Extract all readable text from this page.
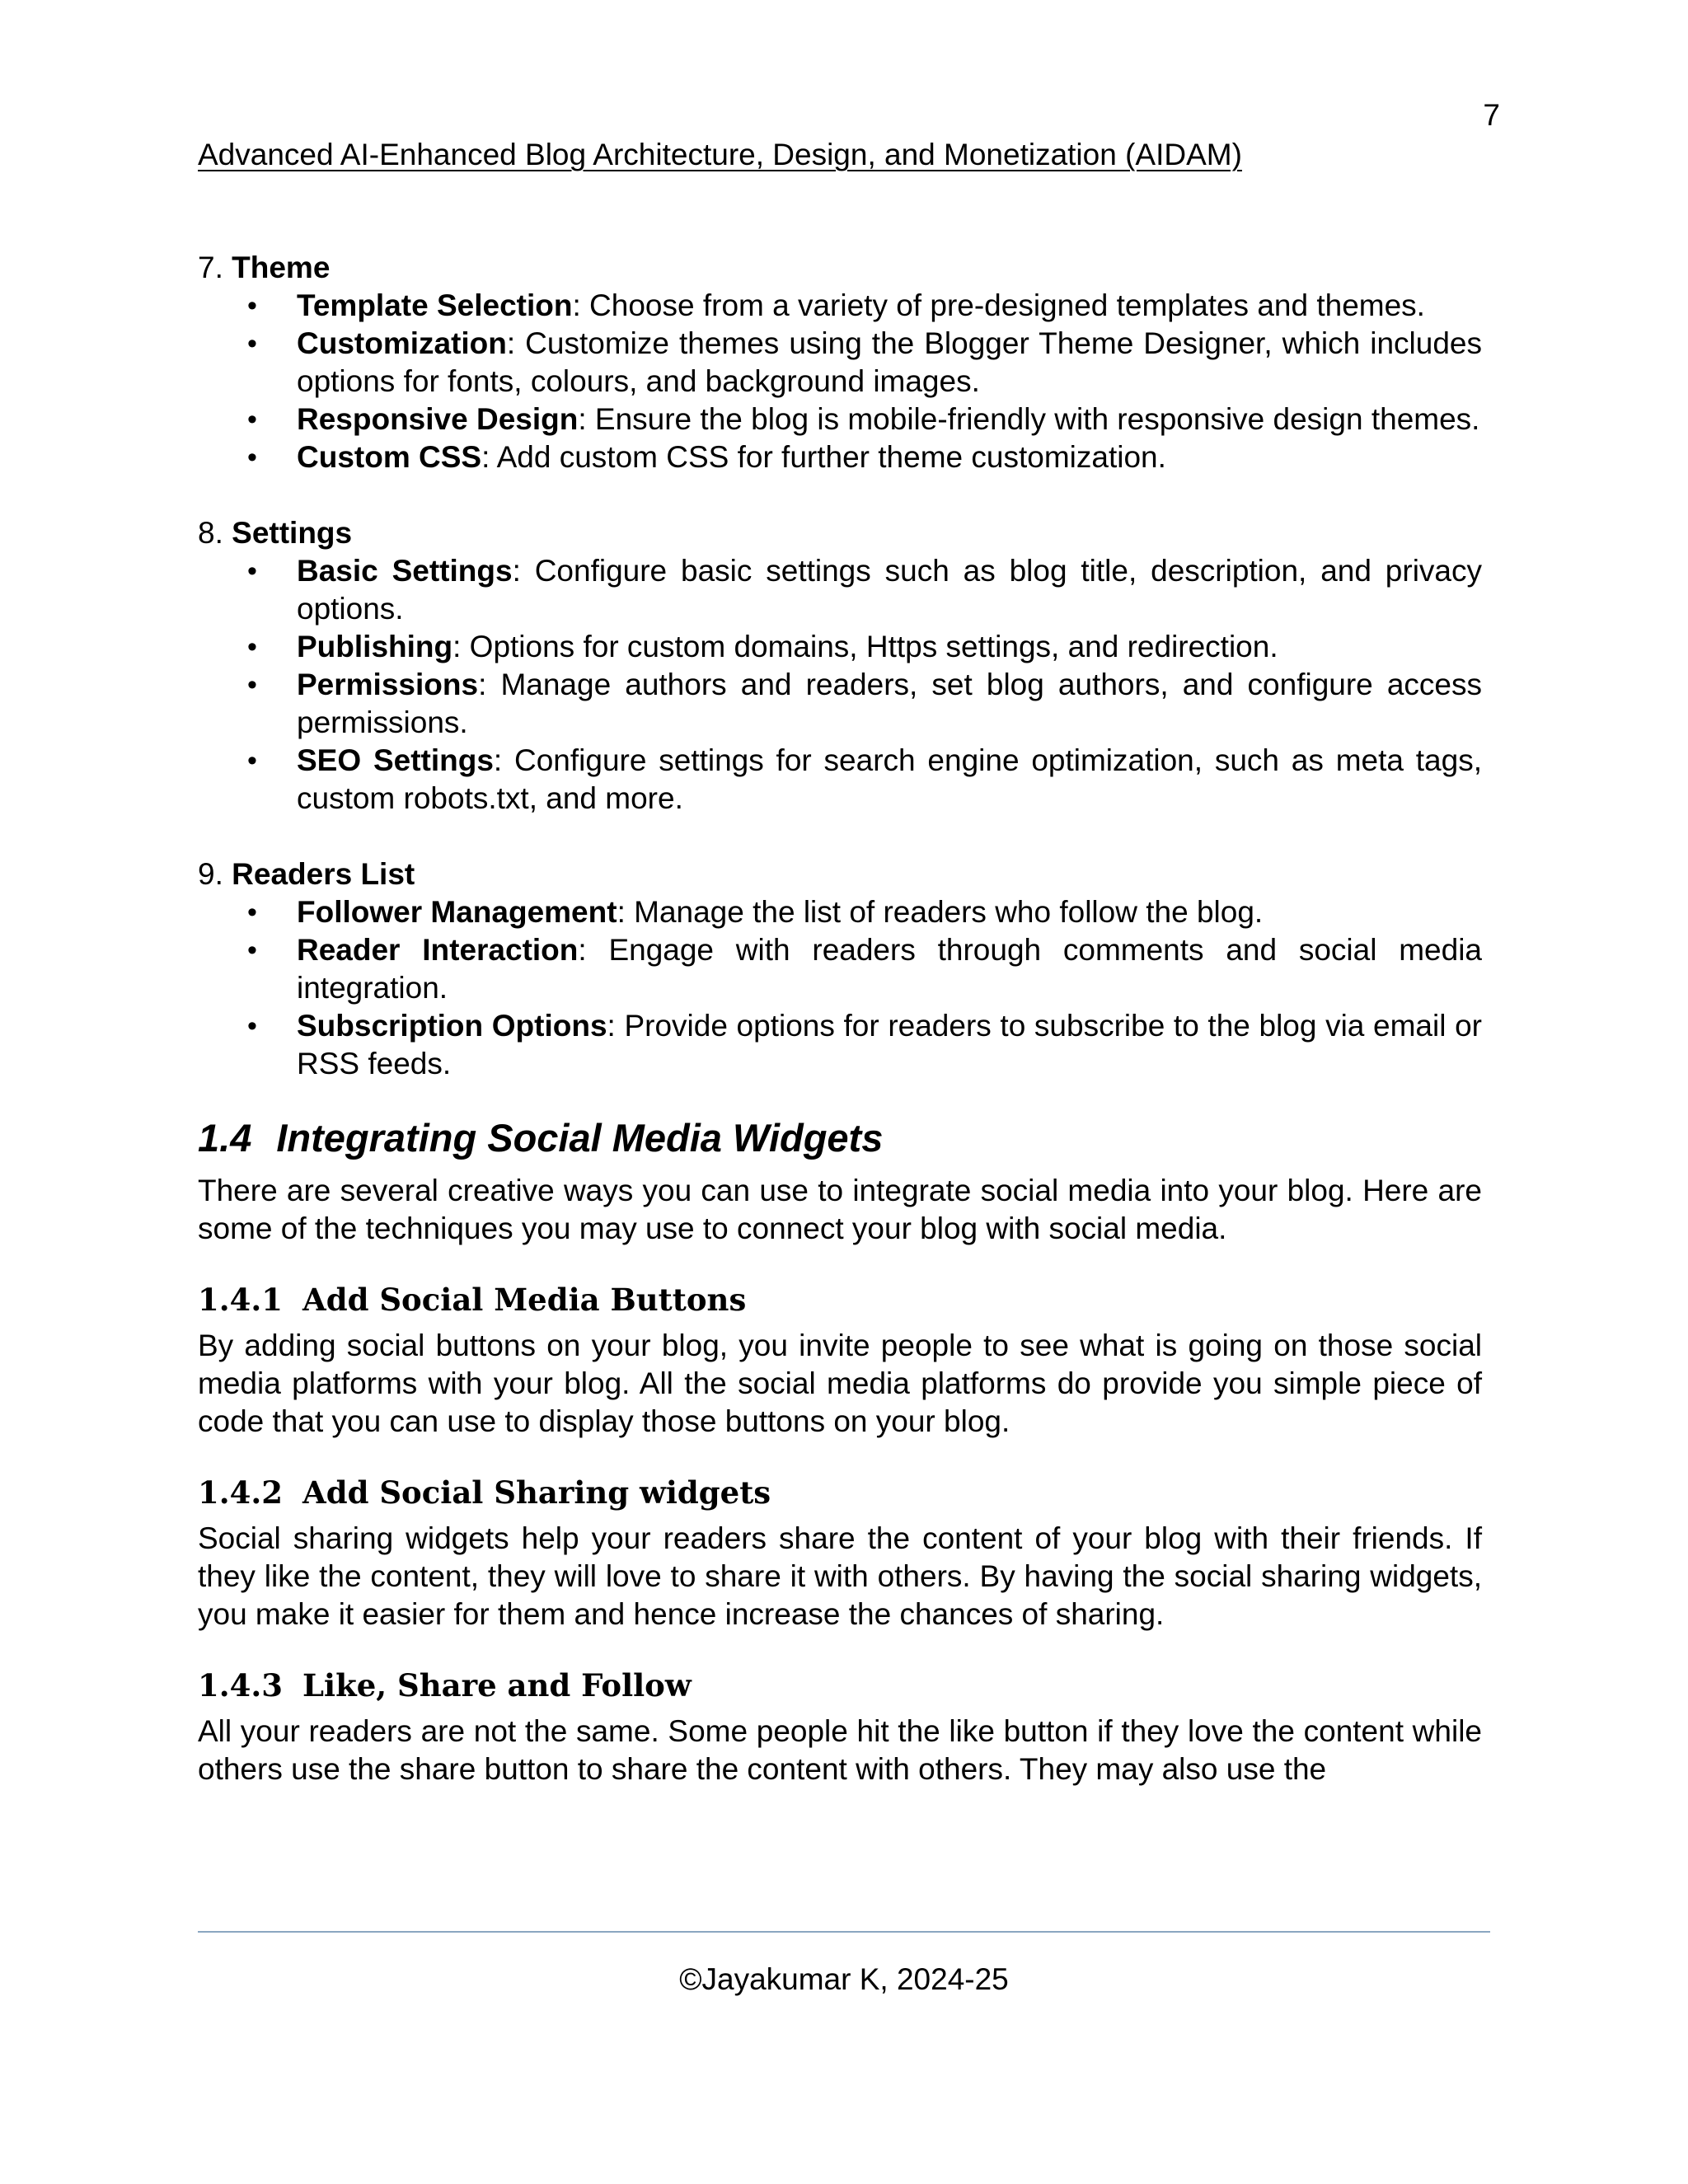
7
Advanced AI-Enhanced Blog Architecture, Design, and Monetization (AIDAM)
7. Theme
• Template Selection: Choose from a variety of pre-designed templates and themes.
• Customization: Customize themes using the Blogger Theme Designer, which includes options for fonts, colours, and background images.
• Responsive Design: Ensure the blog is mobile-friendly with responsive design themes.
• Custom CSS: Add custom CSS for further theme customization.
8. Settings
• Basic Settings: Configure basic settings such as blog title, description, and privacy options.
• Publishing: Options for custom domains, Https settings, and redirection.
• Permissions: Manage authors and readers, set blog authors, and configure access permissions.
• SEO Settings: Configure settings for search engine optimization, such as meta tags, custom robots.txt, and more.
9. Readers List
• Follower Management: Manage the list of readers who follow the blog.
• Reader Interaction: Engage with readers through comments and social media integration.
• Subscription Options: Provide options for readers to subscribe to the blog via email or RSS feeds.
1.4 Integrating Social Media Widgets

There are several creative ways you can use to integrate social media into your blog. Here are some of the techniques you may use to connect your blog with social media.

1.4.1 Add Social Media Buttons

By adding social buttons on your blog, you invite people to see what is going on those social media platforms with your blog. All the social media platforms do provide you simple piece of code that you can use to display those buttons on your blog.

1.4.2 Add Social Sharing widgets

Social sharing widgets help your readers share the content of your blog with their friends. If they like the content, they will love to share it with others. By having the social sharing widgets, you make it easier for them and hence increase the chances of sharing.

1.4.3 Like, Share and Follow

All your readers are not the same. Some people hit the like button if they love the content while others use the share button to share the content with others. They may also use the

©Jayakumar K, 2024-25
